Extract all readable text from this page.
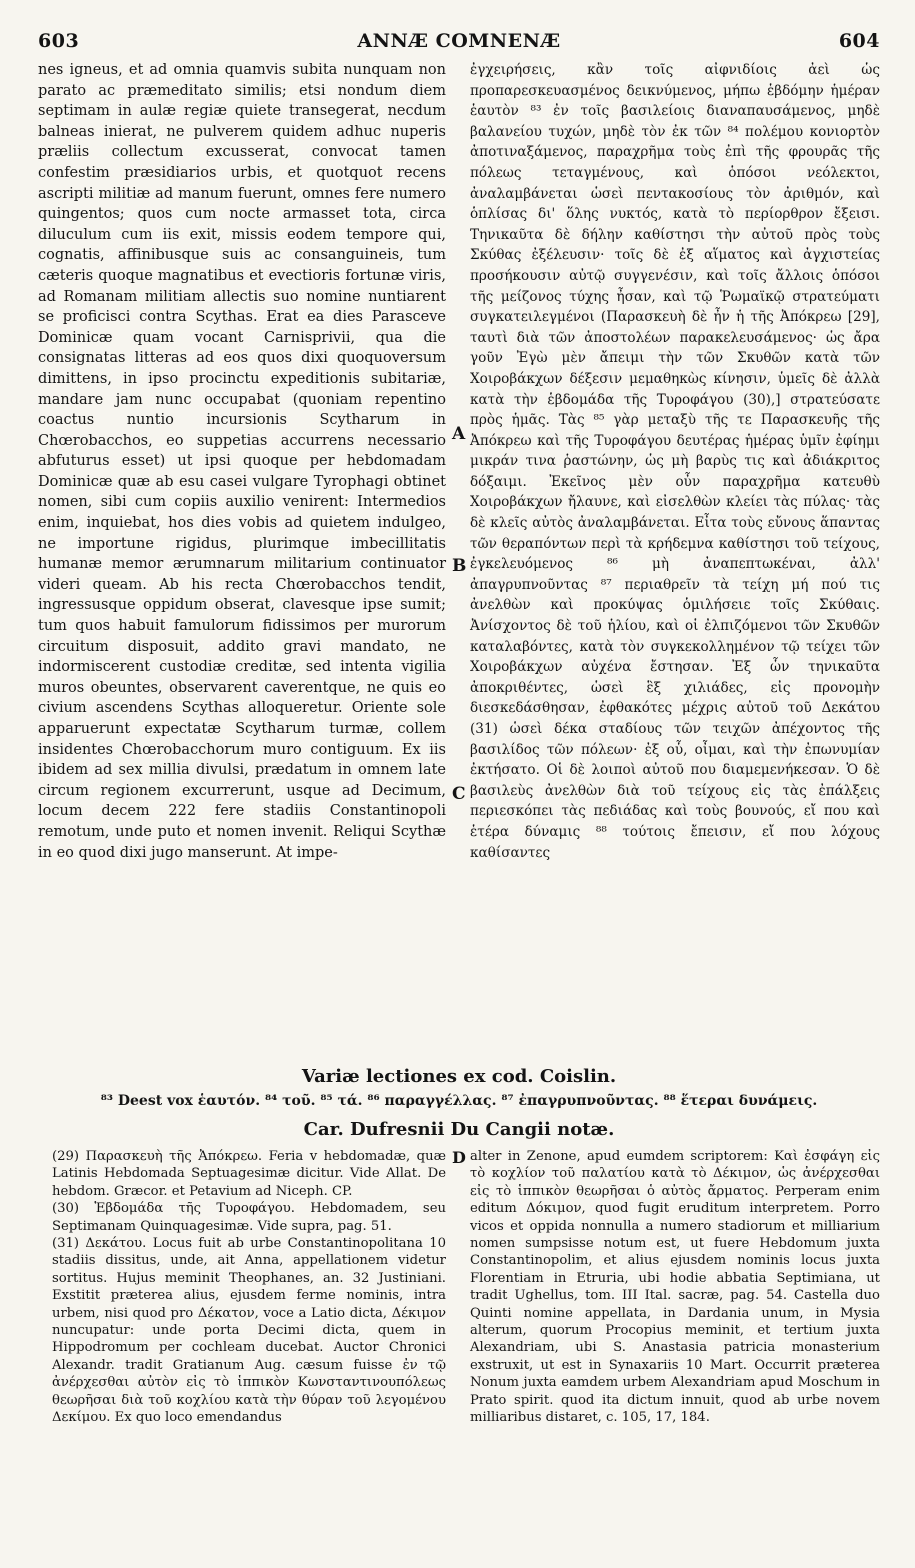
603	ANNÆ COMNENÆ	604

nes igneus, et ad omnia quamvis subita nunquam non parato ac præmeditato similis; etsi nondum diem septimam in aulæ regiæ quiete transegerat, necdum balneas inierat, ne pulverem quidem adhuc nuperis præliis collectum excusserat, convocat tamen confestim præsidiarios urbis, et quotquot recens ascripti militiæ ad manum fuerunt, omnes fere numero quingentos; quos cum nocte armasset tota, circa diluculum cum iis exit, missis eodem tempore qui, cognatis, affinibusque suis ac consanguineis, tum cæteris quoque magnatibus et evectioris fortunæ viris, ad Romanam militiam allectis suo nomine nuntiarent se proficisci contra Scythas. Erat ea dies Parasceve Dominicæ quam vocant Carnisprivii, qua die consignatas litteras ad eos quos dixi quoquoversum dimittens, in ipso procinctu expeditionis subitariæ, mandare jam nunc occupabat (quoniam repentino coactus nuntio incursionis Scytharum in Chœrobacchos, eo suppetias accurrens necessario abfuturus esset) ut ipsi quoque per hebdomadam Dominicæ quæ ab esu casei vulgare Tyrophagi obtinet nomen, sibi cum copiis auxilio venirent: Intermedios enim, inquiebat, hos dies vobis ad quietem indulgeo, ne importune rigidus, plurimque imbecillitatis humanæ memor ærumnarum militarium continuator videri queam. Ab his recta Chœrobacchos tendit, ingressusque oppidum obserat, clavesque ipse sumit; tum quos habuit famulorum fidissimos per murorum circuitum disposuit, addito gravi mandato, ne indormiscerent custodiæ creditæ, sed intenta vigilia muros obeuntes, observarent caverentque, ne quis eo civium ascendens Scythas alloqueretur. Oriente sole apparuerunt expectatæ Scytharum turmæ, collem insidentes Chœrobacchorum muro contiguum. Ex iis ibidem ad sex millia divulsi, prædatum in omnem late circum regionem excurrerunt, usque ad Decimum, locum decem 222 fere stadiis Constantinopoli remotum, unde puto et nomen invenit. Reliqui Scythæ in eo quod dixi jugo manserunt. At impe-

A
B
C

ἐγχειρήσεις, κἂν τοῖς αἰφνιδίοις ἀεὶ ὡς προπαρεσκευασμένος δεικνύμενος, μήπω ἑβδόμην ἡμέραν ἑαυτὸν ⁸³ ἐν τοῖς βασιλείοις διαναπαυσάμενος, μηδὲ βαλανείου τυχών, μηδὲ τὸν ἐκ τῶν ⁸⁴ πολέμου κονιορτὸν ἀποτιναξάμενος, παραχρῆμα τοὺς ἐπὶ τῆς φρουρᾶς τῆς πόλεως τεταγμένους, καὶ ὁπόσοι νεόλεκτοι, ἀναλαμβάνεται ὡσεὶ πεντακοσίους τὸν ἀριθμόν, καὶ ὁπλίσας δι' ὅλης νυκτός, κατὰ τὸ περίορθρον ἔξεισι. Τηνικαῦτα δὲ δήλην καθίστησι τὴν αὐτοῦ πρὸς τοὺς Σκύθας ἐξέλευσιν· τοῖς δὲ ἐξ αἵματος καὶ ἀγχιστείας προσήκουσιν αὐτῷ συγγενέσιν, καὶ τοῖς ἄλλοις ὁπόσοι τῆς μείζονος τύχης ἦσαν, καὶ τῷ Ῥωμαϊκῷ στρατεύματι συγκατειλεγμένοι (Παρασκευὴ δὲ ἦν ἡ τῆς Ἀπόκρεω [29], ταυτὶ διὰ τῶν ἀποστολέων παρακελευσάμενος· ὡς ἄρα γοῦν Ἐγὼ μὲν ἄπειμι τὴν τῶν Σκυθῶν κατὰ τῶν Χοιροβάκχων δέξεσιν μεμαθηκὼς κίνησιν, ὑμεῖς δὲ ἀλλὰ κατὰ τὴν ἑβδομάδα τῆς Τυροφάγου (30),] στρατεύσατε πρὸς ἡμᾶς. Τὰς ⁸⁵ γὰρ μεταξὺ τῆς τε Παρασκευῆς τῆς Ἀπόκρεω καὶ τῆς Τυροφάγου δευτέρας ἡμέρας ὑμῖν ἐφίημι μικράν τινα ῥαστώνην, ὡς μὴ βαρὺς τις καὶ ἀδιάκριτος δόξαιμι. Ἐκεῖνος μὲν οὖν παραχρῆμα κατευθὺ Χοιροβάκχων ἤλαυνε, καὶ εἰσελθὼν κλείει τὰς πύλας· τὰς δὲ κλεῖς αὐτὸς ἀναλαμβάνεται. Εἶτα τοὺς εὔνους ἅπαντας τῶν θεραπόντων περὶ τὰ κρήδεμνα καθίστησι τοῦ τείχους, ἐγκελευόμενος ⁸⁶ μὴ ἀναπεπτωκέναι, ἀλλ' ἀπαγρυπνοῦντας ⁸⁷ περιαθρεῖν τὰ τείχη μή πού τις ἀνελθὼν καὶ προκύψας ὁμιλήσειε τοῖς Σκύθαις. Ἀνίσχοντος δὲ τοῦ ἡλίου, καὶ οἱ ἐλπιζόμενοι τῶν Σκυθῶν καταλαβόντες, κατὰ τὸν συγκεκολλημένον τῷ τείχει τῶν Χοιροβάκχων αὐχένα ἔστησαν. Ἐξ ὧν τηνικαῦτα ἀποκριθέντες, ὡσεὶ ἓξ χιλιάδες, εἰς προνομὴν διεσκεδάσθησαν, ἐφθακότες μέχρις αὐτοῦ τοῦ Δεκάτου (31) ὡσεὶ δέκα σταδίους τῶν τειχῶν ἀπέχοντος τῆς βασιλίδος τῶν πόλεων· ἐξ οὗ, οἶμαι, καὶ τὴν ἐπωνυμίαν ἐκτήσατο. Οἱ δὲ λοιποὶ αὐτοῦ που διαμεμενήκεσαν. Ὁ δὲ βασιλεὺς ἀνελθὼν διὰ τοῦ τείχους εἰς τὰς ἐπάλξεις περιεσκόπει τὰς πεδιάδας καὶ τοὺς βουνούς, εἴ που καὶ ἑτέρα δύναμις ⁸⁸ τούτοις ἔπεισιν, εἴ που λόχους καθίσαντες

Variæ lectiones ex cod. Coislin.
⁸³ Deest vox ἑαυτόν. ⁸⁴ τοῦ. ⁸⁵ τά. ⁸⁶ παραγγέλλας. ⁸⁷ ἐπαγρυπνοῦντας. ⁸⁸ ἕτεραι δυνάμεις.
Car. Dufresnii Du Cangii notæ.

(29) Παρασκευὴ τῆς Ἀπόκρεω. Feria v hebdomadæ, quæ Latinis Hebdomada Septuagesimæ dicitur. Vide Allat. De hebdom. Græcor. et Petavium ad Niceph. CP.
(30) Ἑβδομάδα τῆς Τυροφάγου. Hebdomadem, seu Septimanam Quinquagesimæ. Vide supra, pag. 51.
(31) Δεκάτου. Locus fuit ab urbe Constantinopolitana 10 stadiis dissitus, unde, ait Anna, appellationem videtur sortitus. Hujus meminit Theophanes, an. 32 Justiniani. Exstitit præterea alius, ejusdem ferme nominis, intra urbem, nisi quod pro Δέκατον, voce a Latio dicta, Δέκιμον nuncupatur: unde porta Decimi dicta, quem in Hippodromum per cochleam ducebat. Auctor Chronici Alexandr. tradit Gratianum Aug. cæsum fuisse ἐν τῷ ἀνέρχεσθαι αὐτὸν εἰς τὸ ἱππικὸν Κωνσταντινουπόλεως θεωρῆσαι διὰ τοῦ κοχλίου κατὰ τὴν θύραν τοῦ λεγομένου Δεκίμου. Ex quo loco emendandus

D alter in Zenone, apud eumdem scriptorem: Καὶ ἐσφάγη εἰς τὸ κοχλίον τοῦ παλατίου κατὰ τὸ Δέκιμον, ὡς ἀνέρχεσθαι εἰς τὸ ἱππικὸν θεωρῆσαι ὁ αὐτὸς ἄρματος. Perperam enim editum Δόκιμον, quod fugit eruditum interpretem. Porro vicos et oppida nonnulla a numero stadiorum et milliarium nomen sumpsisse notum est, ut fuere Hebdomum juxta Constantinopolim, et alius ejusdem nominis locus juxta Florentiam in Etruria, ubi hodie abbatia Septimiana, ut tradit Ughellus, tom. III Ital. sacræ, pag. 54. Castella duo Quinti nomine appellata, in Dardania unum, in Mysia alterum, quorum Procopius meminit, et tertium juxta Alexandriam, ubi S. Anastasia patricia monasterium exstruxit, ut est in Synaxariis 10 Mart. Occurrit præterea Nonum juxta eamdem urbem Alexandriam apud Moschum in Prato spirit. quod ita dictum innuit, quod ab urbe novem milliaribus distaret, c. 105, 17, 184.
